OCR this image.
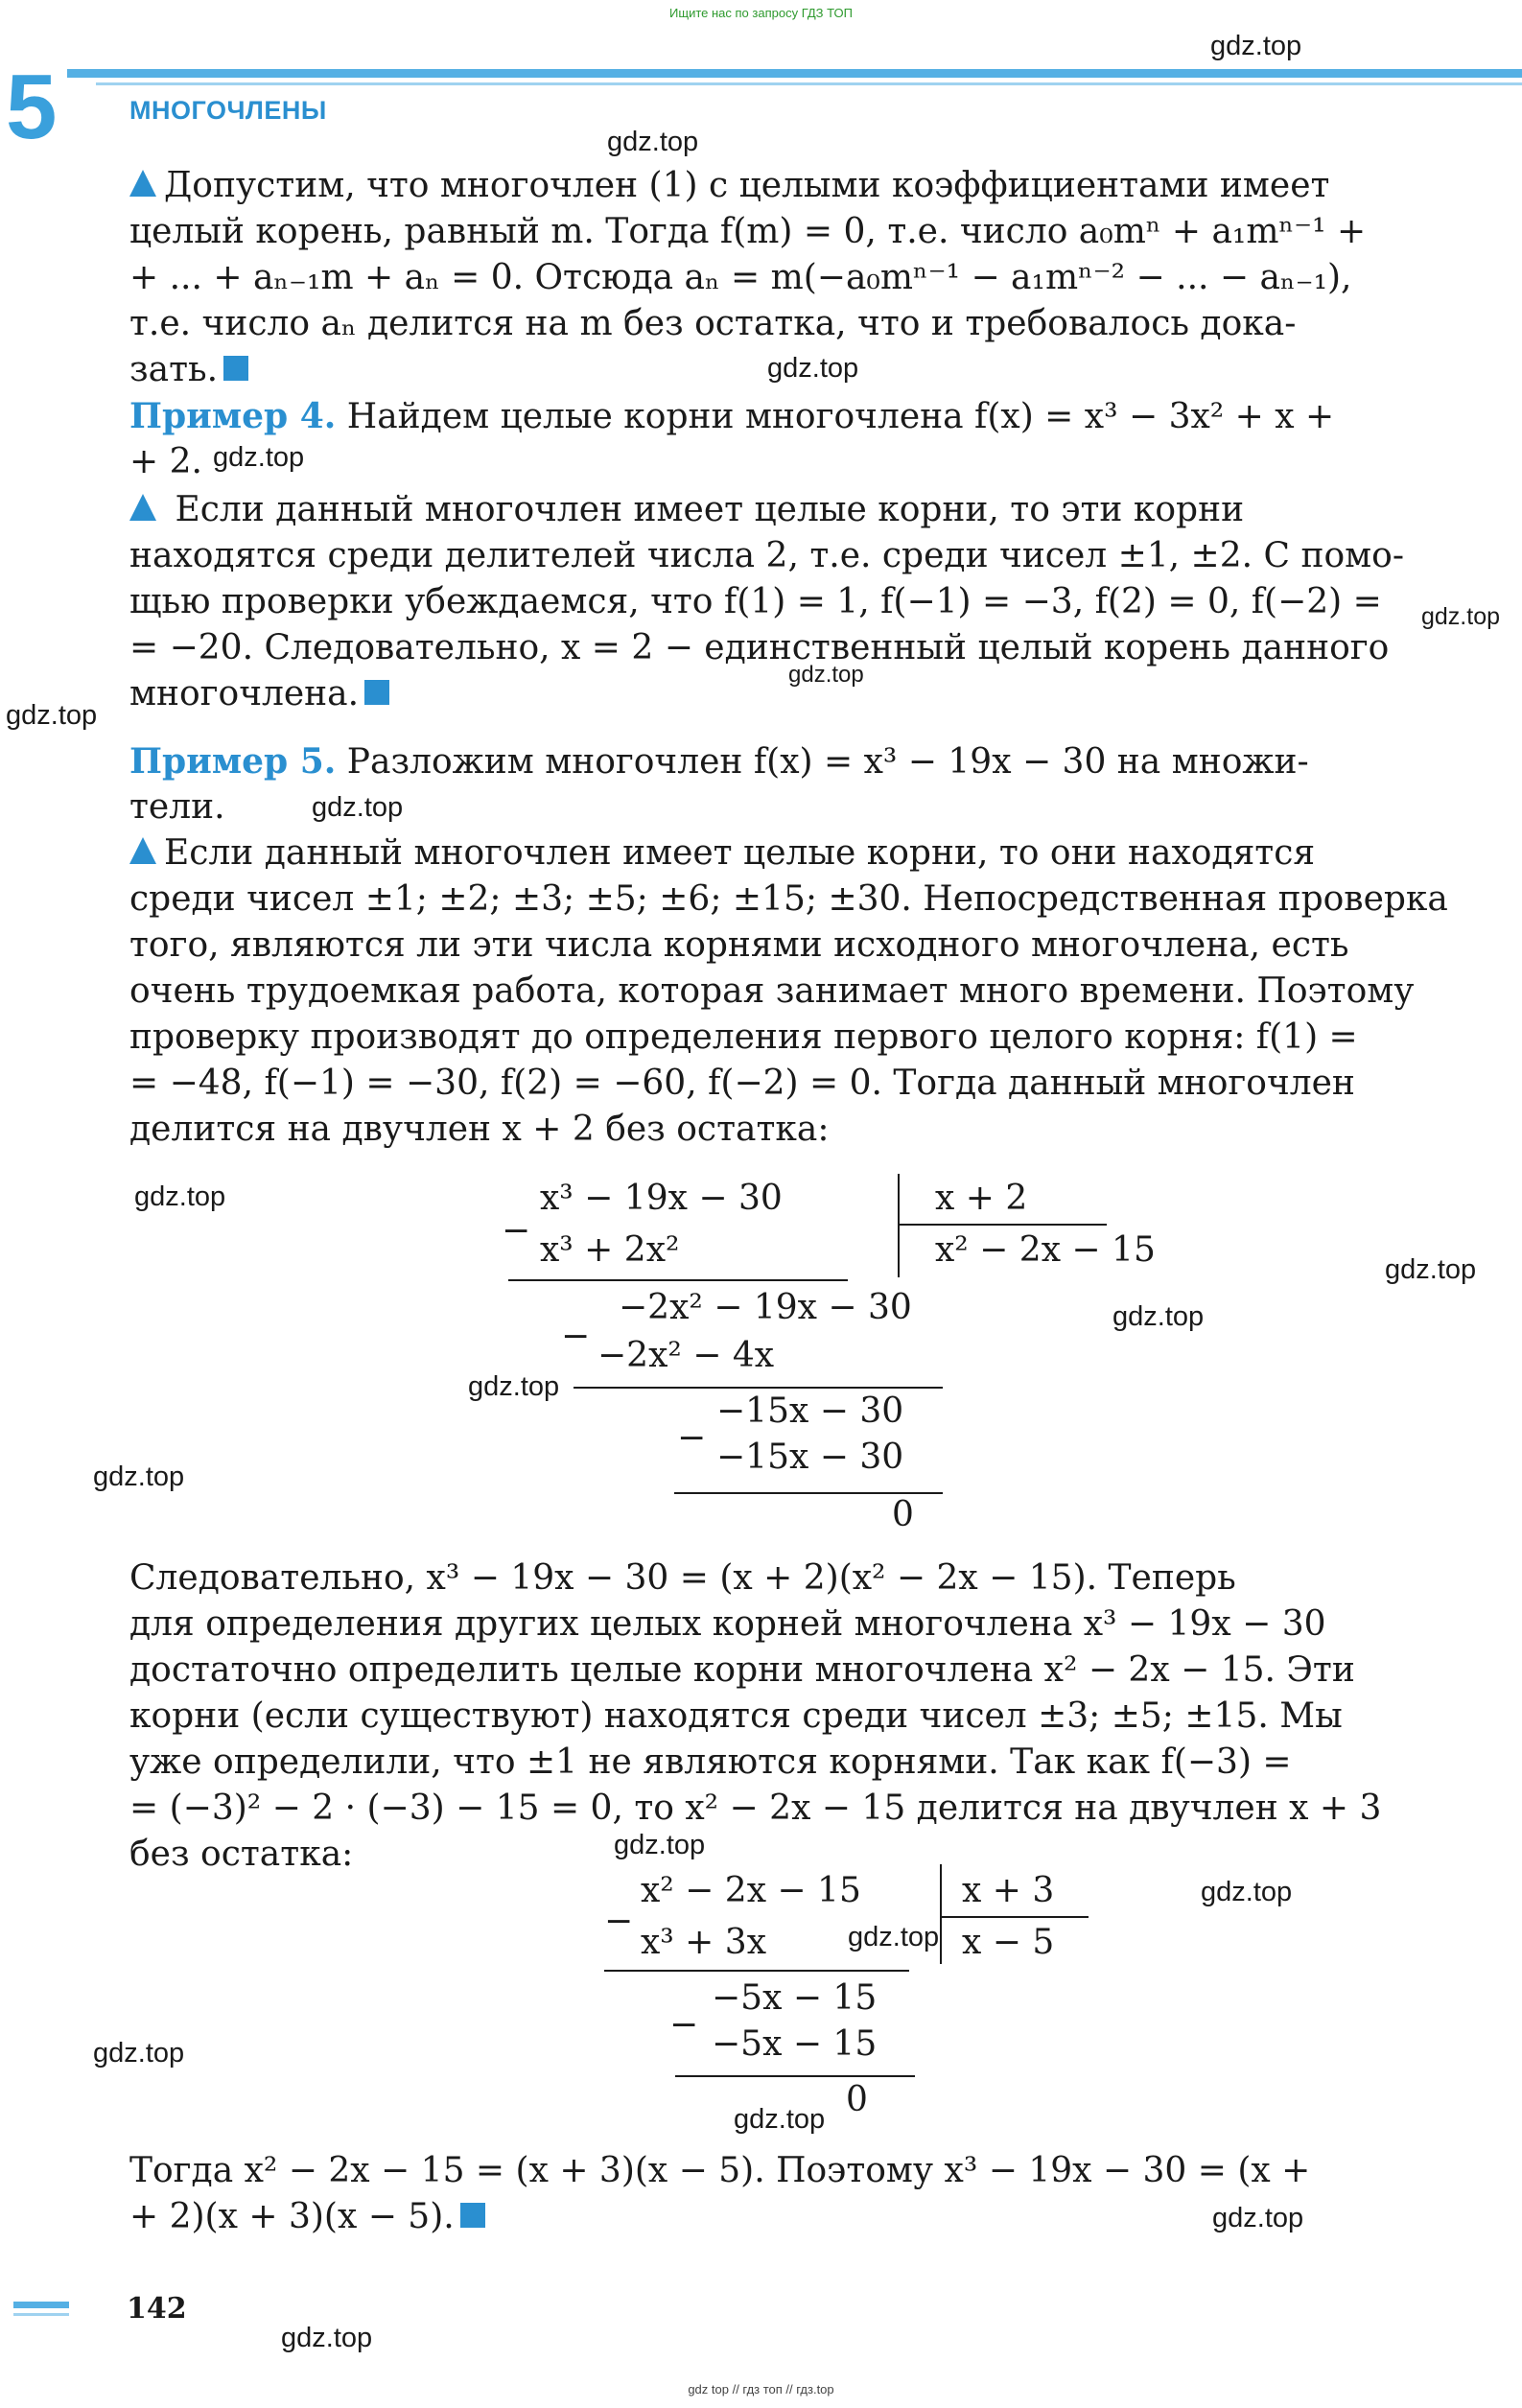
Ищите нас по запросу ГДЗ ТОП
5	МНОГОЧЛЕНЫ
gdz.top
gdz.top
gdz.top
gdz.top
gdz.top
gdz.top
gdz.top
gdz.top
gdz.top
gdz.top
gdz.top
gdz.top
gdz.top
gdz.top
gdz.top
gdz.top
gdz.top
gdz.top
gdz.top
gdz.top
Допустим, что многочлен (1) с целыми коэффициентами имеет
целый корень, равный m. Тогда f(m) = 0, т.е. число a₀mⁿ + a₁mⁿ⁻¹ +
+ ... + aₙ₋₁m + aₙ = 0. Отсюда aₙ = m(−a₀mⁿ⁻¹ − a₁mⁿ⁻² − ... − aₙ₋₁),
т.е. число aₙ делится на m без остатка, что и требовалось дока-
зать.
Пример 4. Найдем целые корни многочлена f(x) = x³ − 3x² + x +
+ 2.
Если данный многочлен имеет целые корни, то эти корни
находятся среди делителей числа 2, т.е. среди чисел ±1, ±2. С помо-
щью проверки убеждаемся, что f(1) = 1, f(−1) = −3, f(2) = 0, f(−2) =
= −20. Следовательно, x = 2 − единственный целый корень данного
многочлена.
Пример 5. Разложим многочлен f(x) = x³ − 19x − 30 на множи-
тели.
Если данный многочлен имеет целые корни, то они находятся
среди чисел ±1; ±2; ±3; ±5; ±6; ±15; ±30. Непосредственная проверка
того, являются ли эти числа корнями исходного многочлена, есть
очень трудоемкая работа, которая занимает много времени. Поэтому
проверку производят до определения первого целого корня: f(1) =
= −48, f(−1) = −30, f(2) = −60, f(−2) = 0. Тогда данный многочлен
делится на двучлен x + 2 без остатка:
x³ − 19x − 30	x + 2
x² − 2x − 15
− x³ + 2x²
−2x² − 19x − 30
− −2x² − 4x
−15x − 30
− −15x − 30
0
Следовательно, x³ − 19x − 30 = (x + 2)(x² − 2x − 15). Теперь
для определения других целых корней многочлена x³ − 19x − 30
достаточно определить целые корни многочлена x² − 2x − 15. Эти
корни (если существуют) находятся среди чисел ±3; ±5; ±15. Мы
уже определили, что ±1 не являются корнями. Так как f(−3) =
= (−3)² − 2 · (−3) − 15 = 0, то x² − 2x − 15 делится на двучлен x + 3
без остатка:
x² − 2x − 15	x + 3
x − 5
−
x³ + 3x
−5x − 15
− −5x − 15
0
Тогда x² − 2x − 15 = (x + 3)(x − 5). Поэтому x³ − 19x − 30 = (x +
+ 2)(x + 3)(x − 5).
142
gdz top // гдз топ // гдз.top
